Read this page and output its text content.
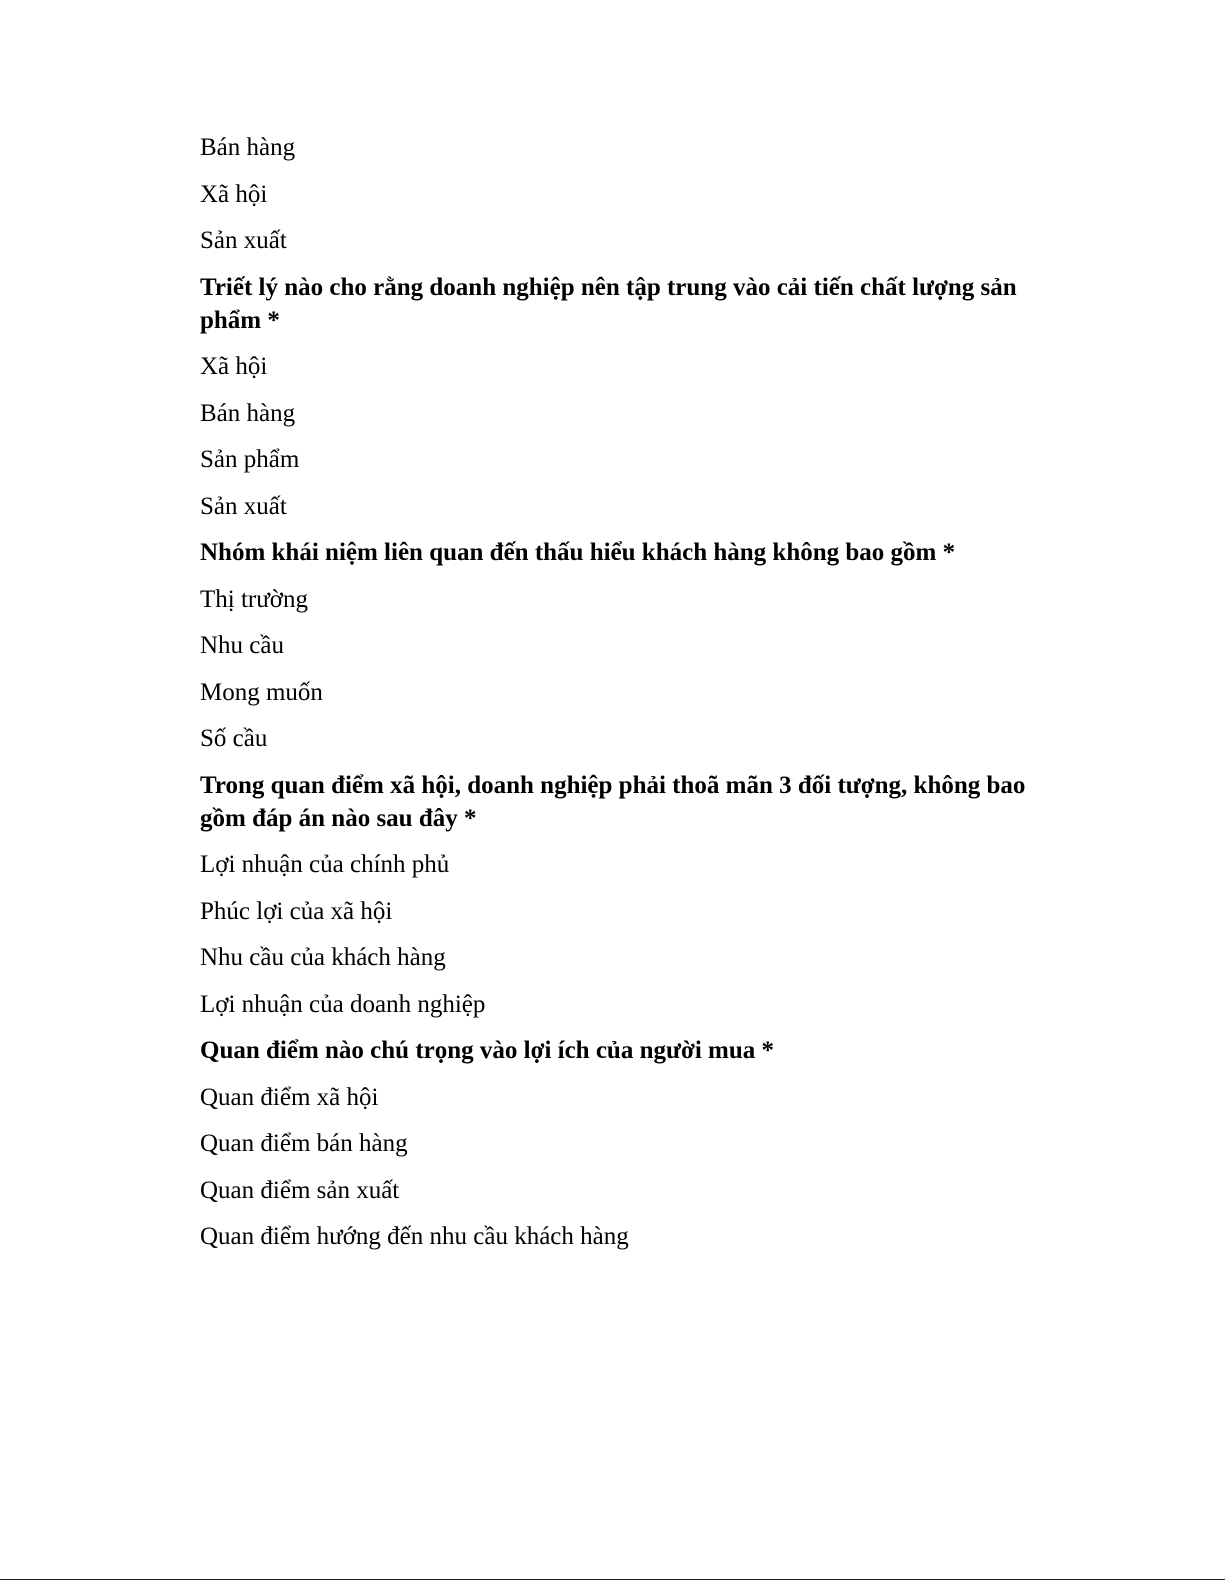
Bán hàng

Xã hội

Sản xuất

Triết lý nào cho rằng doanh nghiệp nên tập trung vào cải tiến chất lượng sản phẩm *

Xã hội

Bán hàng

Sản phẩm

Sản xuất

Nhóm khái niệm liên quan đến thấu hiểu khách hàng không bao gồm *

Thị trường

Nhu cầu

Mong muốn

Số cầu

Trong quan điểm xã hội, doanh nghiệp phải thoã mãn 3 đối tượng, không bao gồm đáp án nào sau đây *

Lợi nhuận của chính phủ

Phúc lợi của xã hội

Nhu cầu của khách hàng

Lợi nhuận của doanh nghiệp

Quan điểm nào chú trọng vào lợi ích của người mua *

Quan điểm xã hội

Quan điểm bán hàng

Quan điểm sản xuất

Quan điểm hướng đến nhu cầu khách hàng
